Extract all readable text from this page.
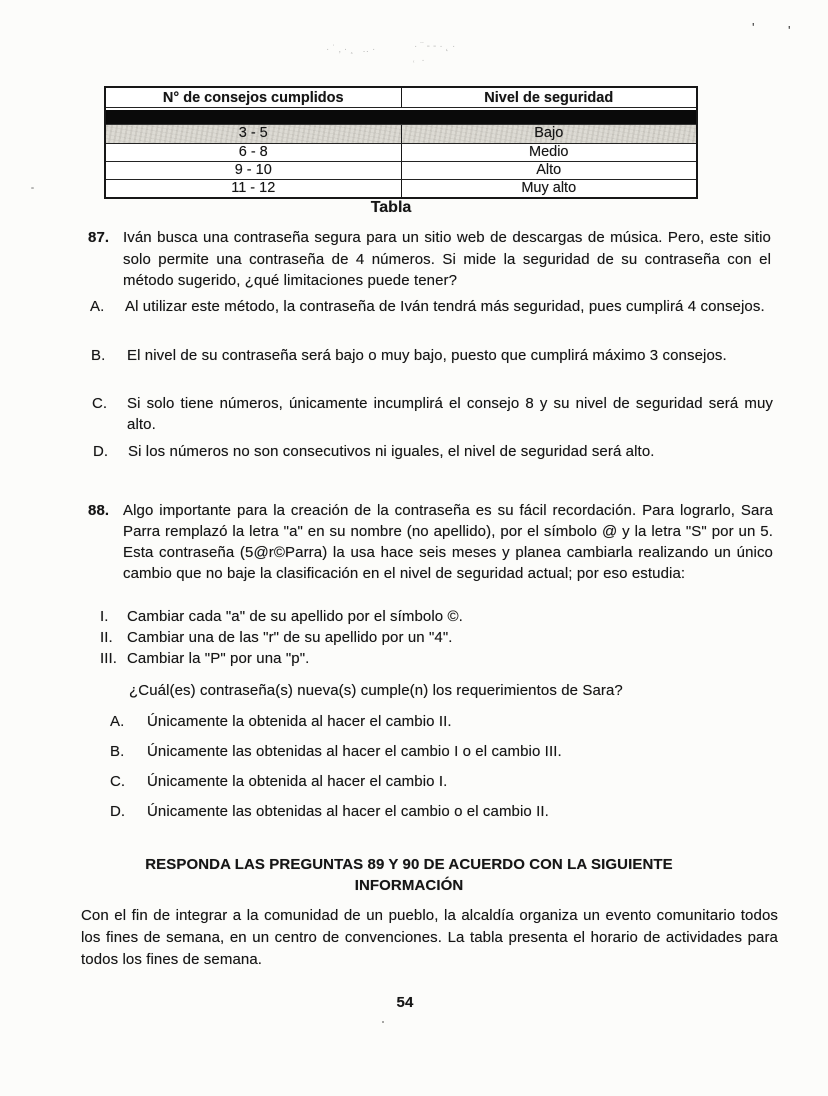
·˙‚·¸ ‥·	·¨‑-·˛·
˓·
'	'
N° de consejos cumplidos	Nivel de seguridad
3 - 5	Bajo
6 - 8	Medio
9 - 10	Alto
11 - 12	Muy alto
Tabla
87. Iván busca una contraseña segura para un sitio web de descargas de música. Pero, este sitio solo permite una contraseña de 4 números. Si mide la seguridad de su contraseña con el método sugerido, ¿qué limitaciones puede tener?
A. Al utilizar este método, la contraseña de Iván tendrá más seguridad, pues cumplirá 4 consejos.
B. El nivel de su contraseña será bajo o muy bajo, puesto que cumplirá máximo 3 consejos.
C. Si solo tiene números, únicamente incumplirá el consejo 8 y su nivel de seguridad será muy alto.
D. Si los números no son consecutivos ni iguales, el nivel de seguridad será alto.
88. Algo importante para la creación de la contraseña es su fácil recordación. Para lograrlo, Sara Parra remplazó la letra "a" en su nombre (no apellido), por el símbolo @ y la letra "S" por un 5. Esta contraseña (5@r©Parra) la usa hace seis meses y planea cambiarla realizando un único cambio que no baje la clasificación en el nivel de seguridad actual; por eso estudia:
I. Cambiar cada "a" de su apellido por el símbolo ©.
II. Cambiar una de las "r" de su apellido por un "4".
III. Cambiar la "P" por una "p".
¿Cuál(es) contraseña(s) nueva(s) cumple(n) los requerimientos de Sara?
A. Únicamente la obtenida al hacer el cambio II.
B. Únicamente las obtenidas al hacer el cambio I o el cambio III.
C. Únicamente la obtenida al hacer el cambio I.
D. Únicamente las obtenidas al hacer el cambio o el cambio II.
RESPONDA LAS PREGUNTAS 89 Y 90 DE ACUERDO CON LA SIGUIENTE
INFORMACIÓN
Con el fin de integrar a la comunidad de un pueblo, la alcaldía organiza un evento comunitario todos los fines de semana, en un centro de convenciones. La tabla presenta el horario de actividades para todos los fines de semana.
54
